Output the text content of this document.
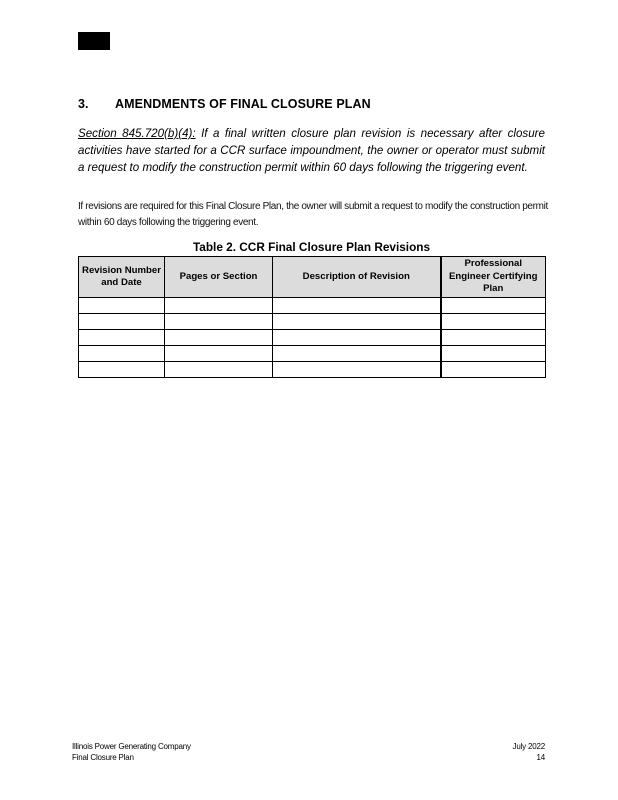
3. AMENDMENTS OF FINAL CLOSURE PLAN
Section 845.720(b)(4): If a final written closure plan revision is necessary after closure activities have started for a CCR surface impoundment, the owner or operator must submit a request to modify the construction permit within 60 days following the triggering event.
If revisions are required for this Final Closure Plan, the owner will submit a request to modify the construction permit within 60 days following the triggering event.
Table 2. CCR Final Closure Plan Revisions
Revision Number and Date	Pages or Section	Description of Revision	Professional Engineer Certifying Plan

Illinois Power Generating Company
Final Closure Plan
July 2022
14
